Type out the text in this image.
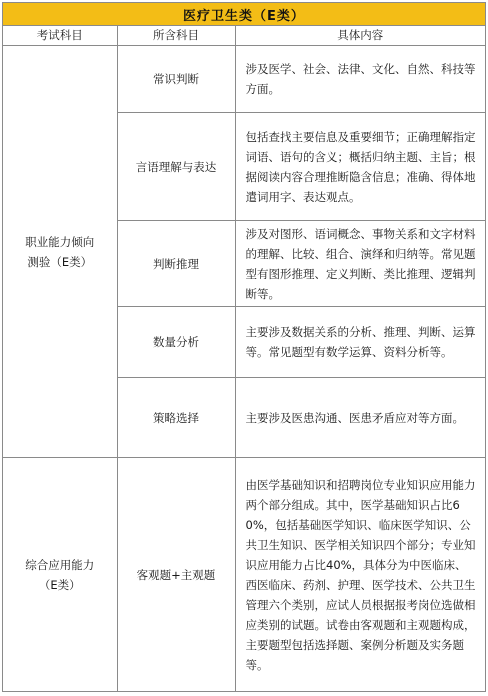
医疗卫生类（E类）
考试科目	所含科目	具体内容
职业能力倾向
测验（E类）	常识判断	涉及医学、社会、法律、文化、自然、科技等
方面。
	言语理解与表达	包括查找主要信息及重要细节；正确理解指定词语、语句的含义；概括归纳主题、主旨；根据阅读内容合理推断隐含信息；准确、得体地遣词用字、表达观点。
	判断推理	涉及对图形、语词概念、事物关系和文字材料的理解、比较、组合、演绎和归纳等。常见题型有图形推理、定义判断、类比推理、逻辑判断等。
	数量分析	主要涉及数据关系的分析、推理、判断、运算等。常见题型有数学运算、资料分析等。
	策略选择	主要涉及医患沟通、医患矛盾应对等方面。
综合应用能力
（E类）	客观题+主观题	由医学基础知识和招聘岗位专业知识应用能力两个部分组成。其中，医学基础知识占比60%，包括基础医学知识、临床医学知识、公共卫生知识、医学相关知识四个部分；专业知识应用能力占比40%，具体分为中医临床、西医临床、药剂、护理、医学技术、公共卫生管理六个类别，应试人员根据报考岗位选做相应类别的试题。试卷由客观题和主观题构成，主要题型包括选择题、案例分析题及实务题等。
